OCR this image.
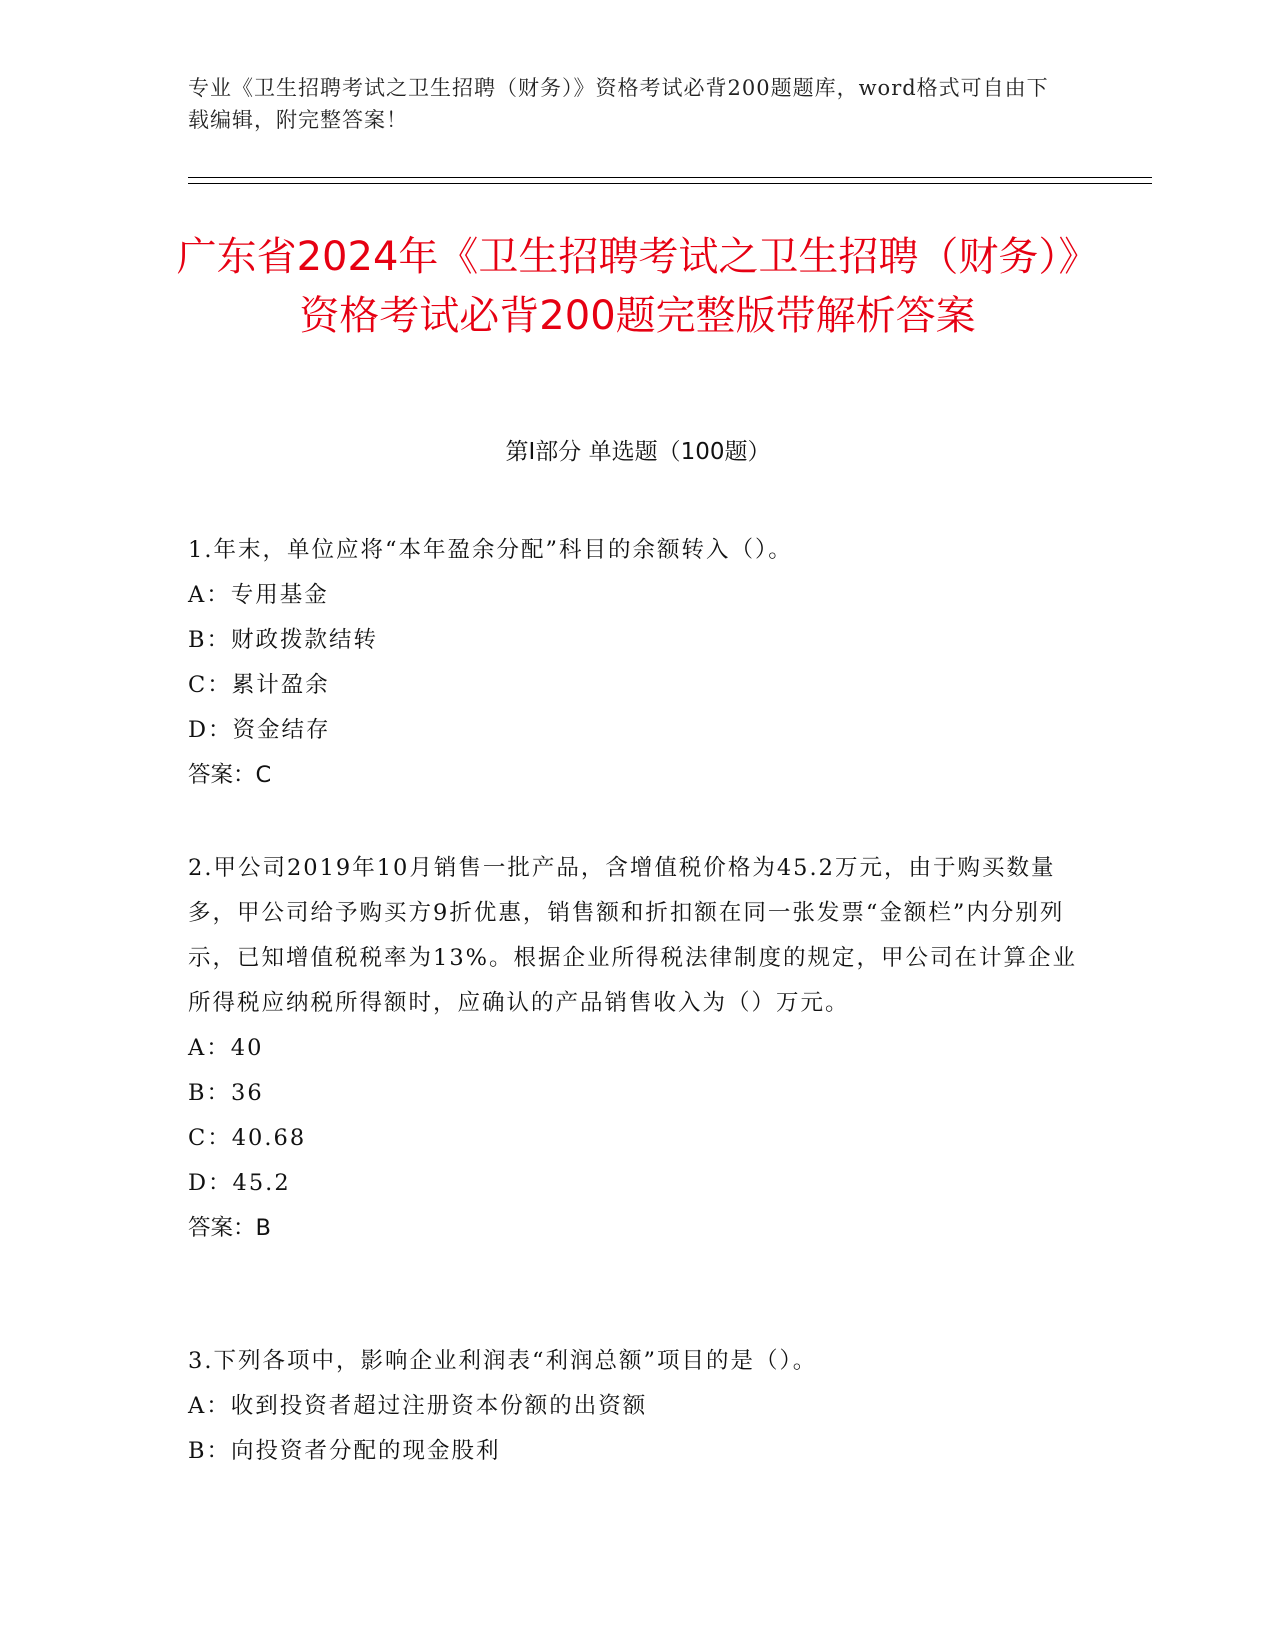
专业《卫生招聘考试之卫生招聘（财务）》资格考试必背200题题库，word格式可自由下载编辑，附完整答案！

广东省2024年《卫生招聘考试之卫生招聘（财务）》资格考试必背200题完整版带解析答案
第I部分 单选题（100题）

1.年末，单位应将“本年盈余分配”科目的余额转入（）。

A：专用基金

B：财政拨款结转

C：累计盈余

D：资金结存

答案：C

2.甲公司2019年10月销售一批产品，含增值税价格为45.2万元，由于购买数量多，甲公司给予购买方9折优惠，销售额和折扣额在同一张发票“金额栏”内分别列示，已知增值税税率为13%。根据企业所得税法律制度的规定，甲公司在计算企业所得税应纳税所得额时，应确认的产品销售收入为（）万元。

A：40

B：36

C：40.68

D：45.2

答案：B

3.下列各项中，影响企业利润表“利润总额”项目的是（）。

A：收到投资者超过注册资本份额的出资额

B：向投资者分配的现金股利
